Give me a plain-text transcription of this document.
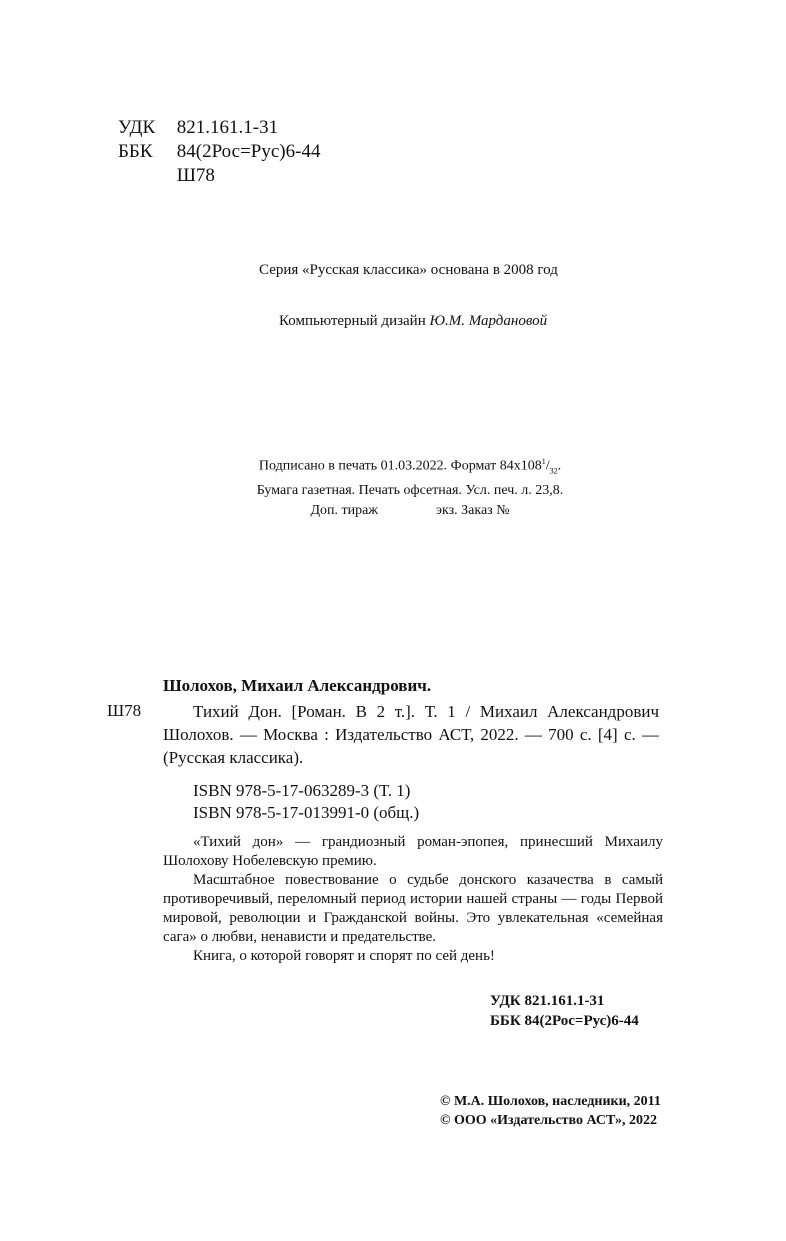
УДК 821.161.1-31
ББК 84(2Рос=Рус)6-44
Ш78
Серия «Русская классика» основана в 2008 год
Компьютерный дизайн Ю.М. Мардановой
Подписано в печать 01.03.2022. Формат $84x108^1/_{32}$.
Бумага газетная. Печать офсетная. Усл. печ. л. 23,8.
Доп. тираж	экз. Заказ №
Шолохов, Михаил Александрович.
Ш78	Тихий Дон. [Роман. В 2 т.]. Т. 1 / Михаил Александрович Шолохов. — Москва : Издательство АСТ, 2022. — 700 с. [4] с. — (Русская классика).
ISBN 978-5-17-063289-3 (Т. 1)
ISBN 978-5-17-013991-0 (общ.)

«Тихий дон» — грандиозный роман-эпопея, принесший Михаилу Шолохову Нобелевскую премию.

Масштабное повествование о судьбе донского казачества в самый противоречивый, переломный период истории нашей страны — годы Первой мировой, революции и Гражданской войны. Это увлекательная «семейная сага» о любви, ненависти и предательстве.

Книга, о которой говорят и спорят по сей день!

УДК 821.161.1-31
ББК 84(2Рос=Рус)6-44
© М.А. Шолохов, наследники, 2011
© ООО «Издательство АСТ», 2022
